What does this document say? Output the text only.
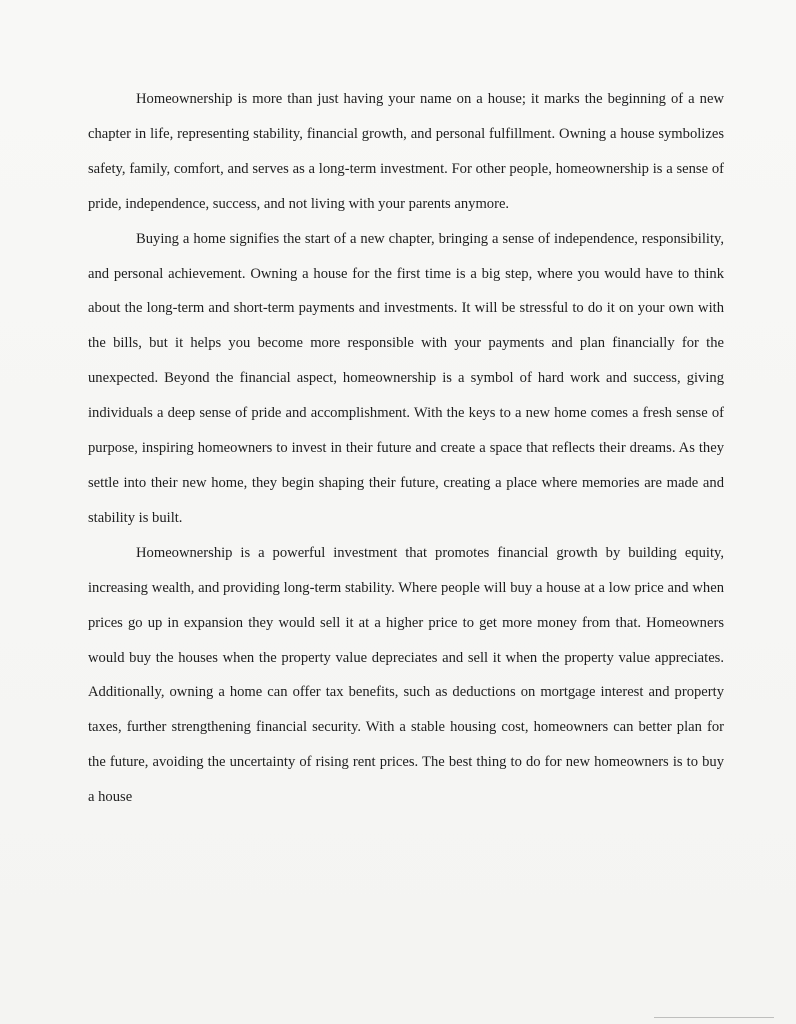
Homeownership is more than just having your name on a house; it marks the beginning of a new chapter in life, representing stability, financial growth, and personal fulfillment. Owning a house symbolizes safety, family, comfort, and serves as a long-term investment. For other people, homeownership is a sense of pride, independence, success, and not living with your parents anymore.

Buying a home signifies the start of a new chapter, bringing a sense of independence, responsibility, and personal achievement. Owning a house for the first time is a big step, where you would have to think about the long-term and short-term payments and investments. It will be stressful to do it on your own with the bills, but it helps you become more responsible with your payments and plan financially for the unexpected. Beyond the financial aspect, homeownership is a symbol of hard work and success, giving individuals a deep sense of pride and accomplishment. With the keys to a new home comes a fresh sense of purpose, inspiring homeowners to invest in their future and create a space that reflects their dreams. As they settle into their new home, they begin shaping their future, creating a place where memories are made and stability is built.

Homeownership is a powerful investment that promotes financial growth by building equity, increasing wealth, and providing long-term stability. Where people will buy a house at a low price and when prices go up in expansion they would sell it at a higher price to get more money from that. Homeowners would buy the houses when the property value depreciates and sell it when the property value appreciates. Additionally, owning a home can offer tax benefits, such as deductions on mortgage interest and property taxes, further strengthening financial security. With a stable housing cost, homeowners can better plan for the future, avoiding the uncertainty of rising rent prices. The best thing to do for new homeowners is to buy a house
